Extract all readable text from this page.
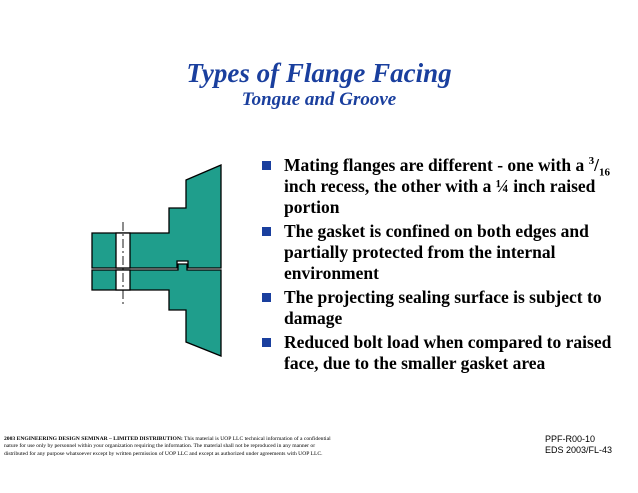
Types of Flange Facing
Tongue and Groove
Mating flanges are different - one with a $^3/_{16}$ inch recess, the other with a ¼ inch raised portion
The gasket is confined on both edges and partially protected from the internal environment
The projecting sealing surface is subject to damage
Reduced bolt load when compared to raised face, due to the smaller gasket area
PPF-R00-10
EDS 2003/FL-43
2003 ENGINEERING DESIGN SEMINAR – LIMITED DISTRIBUTION: This material is UOP LLC technical information of a confidential
nature for use only by personnel within your organization requiring the information. The material shall not be reproduced in any manner or
distributed for any purpose whatsoever except by written permission of UOP LLC and except as authorized under agreements with UOP LLC.
